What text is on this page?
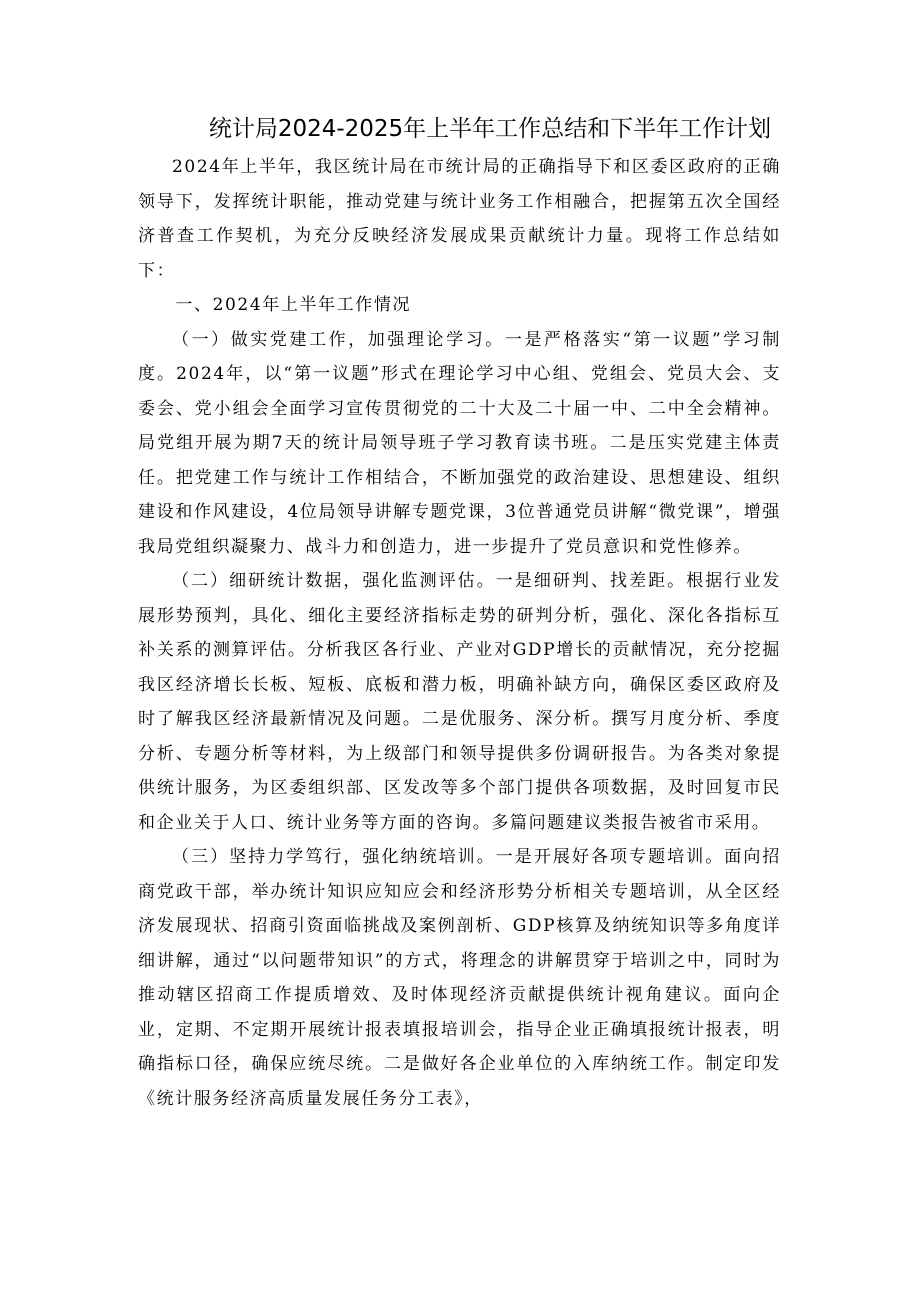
统计局2024-2025年上半年工作总结和下半年工作计划

2024年上半年，我区统计局在市统计局的正确指导下和区委区政府的正确领导下，发挥统计职能，推动党建与统计业务工作相融合，把握第五次全国经济普查工作契机，为充分反映经济发展成果贡献统计力量。现将工作总结如下：

一、2024年上半年工作情况

（一）做实党建工作，加强理论学习。一是严格落实“第一议题”学习制度。2024年，以“第一议题”形式在理论学习中心组、党组会、党员大会、支委会、党小组会全面学习宣传贯彻党的二十大及二十届一中、二中全会精神。局党组开展为期7天的统计局领导班子学习教育读书班。二是压实党建主体责任。把党建工作与统计工作相结合，不断加强党的政治建设、思想建设、组织建设和作风建设，4位局领导讲解专题党课，3位普通党员讲解“微党课”，增强我局党组织凝聚力、战斗力和创造力，进一步提升了党员意识和党性修养。

（二）细研统计数据，强化监测评估。一是细研判、找差距。根据行业发展形势预判，具化、细化主要经济指标走势的研判分析，强化、深化各指标互补关系的测算评估。分析我区各行业、产业对GDP增长的贡献情况，充分挖掘我区经济增长长板、短板、底板和潜力板，明确补缺方向，确保区委区政府及时了解我区经济最新情况及问题。二是优服务、深分析。撰写月度分析、季度分析、专题分析等材料，为上级部门和领导提供多份调研报告。为各类对象提供统计服务，为区委组织部、区发改等多个部门提供各项数据，及时回复市民和企业关于人口、统计业务等方面的咨询。多篇问题建议类报告被省市采用。

（三）坚持力学笃行，强化纳统培训。一是开展好各项专题培训。面向招商党政干部，举办统计知识应知应会和经济形势分析相关专题培训，从全区经济发展现状、招商引资面临挑战及案例剖析、GDP核算及纳统知识等多角度详细讲解，通过“以问题带知识”的方式，将理念的讲解贯穿于培训之中，同时为推动辖区招商工作提质增效、及时体现经济贡献提供统计视角建议。面向企业，定期、不定期开展统计报表填报培训会，指导企业正确填报统计报表，明确指标口径，确保应统尽统。二是做好各企业单位的入库纳统工作。制定印发《统计服务经济高质量发展任务分工表》，
